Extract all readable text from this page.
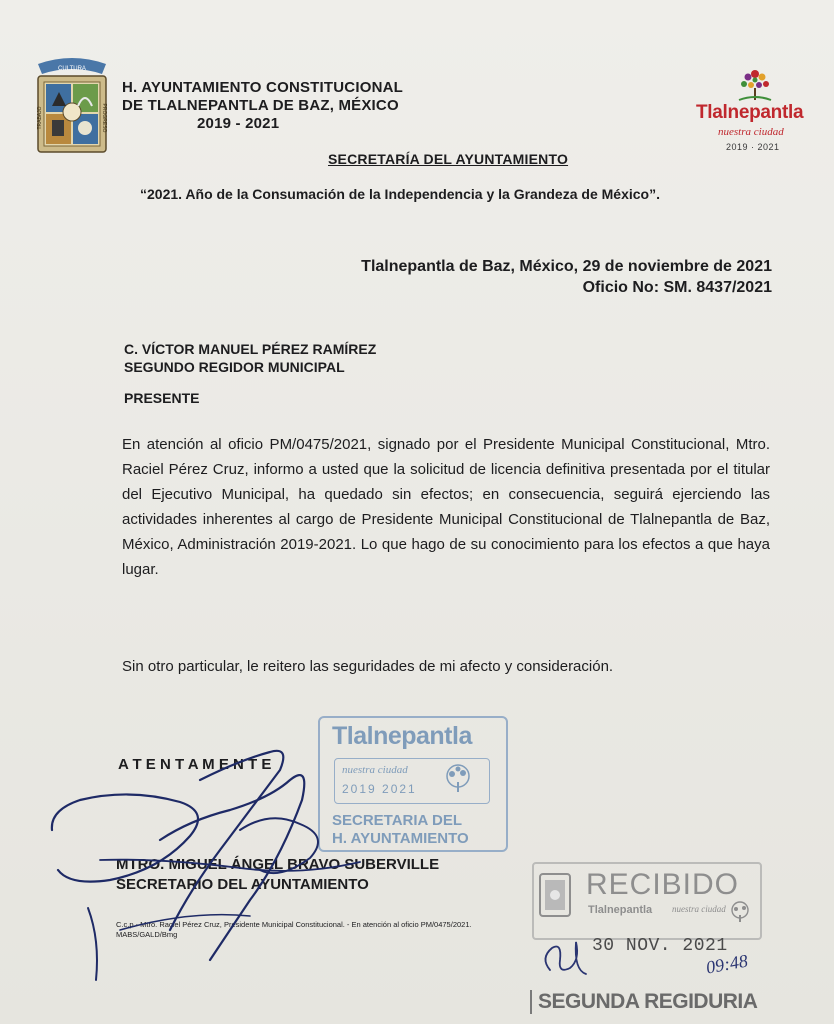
CULTURA
TRABAJO	PROGRESO
H. AYUNTAMIENTO CONSTITUCIONAL
DE TLALNEPANTLA DE BAZ, MÉXICO
2019 - 2021
Tlalnepantla
nuestra ciudad
2019 · 2021
SECRETARÍA DEL AYUNTAMIENTO
“2021. Año de la Consumación de la Independencia y la Grandeza de México”.
Tlalnepantla de Baz, México, 29 de noviembre de 2021
Oficio No: SM. 8437/2021
C. VÍCTOR MANUEL PÉREZ RAMÍREZ
SEGUNDO REGIDOR MUNICIPAL
PRESENTE
En atención al oficio PM/0475/2021, signado por el Presidente Municipal Constitucional, Mtro. Raciel Pérez Cruz, informo a usted que la solicitud de licencia definitiva presentada por el titular del Ejecutivo Municipal, ha quedado sin efectos; en consecuencia, seguirá ejerciendo las actividades inherentes al cargo de Presidente Municipal Constitucional de Tlalnepantla de Baz, México, Administración 2019-2021. Lo que hago de su conocimiento para los efectos a que haya lugar.
Sin otro particular, le reitero las seguridades de mi afecto y consideración.
Tlalnepantla
nuestra ciudad
2019 2021
SECRETARIA DEL
H. AYUNTAMIENTO
A T E N T A M E N T E
MTRO. MIGUEL ÁNGEL BRAVO SUBERVILLE
SECRETARIO DEL AYUNTAMIENTO
C.c.p.- Mtro. Raciel Pérez Cruz, Presidente Municipal Constitucional. - En atención al oficio PM/0475/2021.
MABS/GALD/Bmg
RECIBIDO
Tlalnepantla nuestra ciudad
30 NOV. 2021
09:48
SEGUNDA REGIDURIA
